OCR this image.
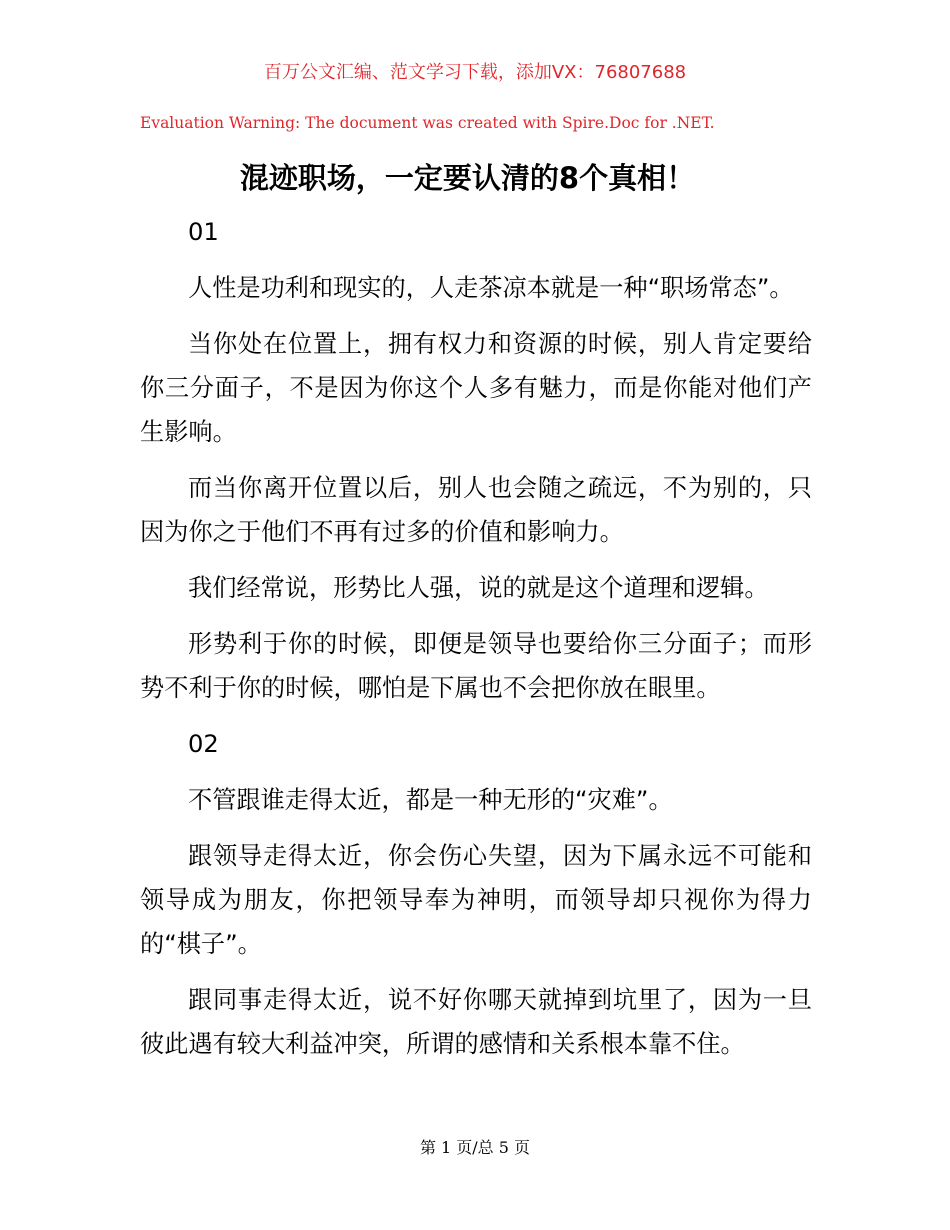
百万公文汇编、范文学习下载，添加VX：76807688
Evaluation Warning: The document was created with Spire.Doc for .NET.
混迹职场，一定要认清的8个真相！

01

人性是功利和现实的，人走茶凉本就是一种“职场常态”。

当你处在位置上，拥有权力和资源的时候，别人肯定要给你三分面子，不是因为你这个人多有魅力，而是你能对他们产生影响。

而当你离开位置以后，别人也会随之疏远，不为别的，只因为你之于他们不再有过多的价值和影响力。

我们经常说，形势比人强，说的就是这个道理和逻辑。

形势利于你的时候，即便是领导也要给你三分面子；而形势不利于你的时候，哪怕是下属也不会把你放在眼里。

02

不管跟谁走得太近，都是一种无形的“灾难”。

跟领导走得太近，你会伤心失望，因为下属永远不可能和领导成为朋友，你把领导奉为神明，而领导却只视你为得力的“棋子”。

跟同事走得太近，说不好你哪天就掉到坑里了，因为一旦彼此遇有较大利益冲突，所谓的感情和关系根本靠不住。

第 1 页/总 5 页
